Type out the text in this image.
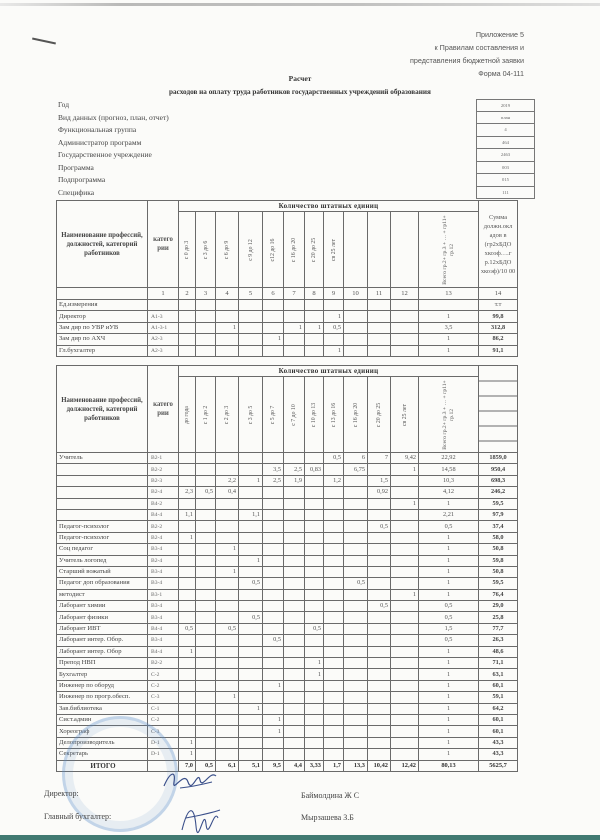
Приложение 5
к Правилам составления и
представления бюджетной заявки
Форма 04-111
Расчет
расходов на оплату труда работников государственных учреждений образования
Год	2019
Вид данных (прогноз, план, отчет)	план
Функциональная группа	4
Администратор программ	464
Государственное учреждение	2463
Программа	003
Подпрограмма	015
Специфика	111
Наименование профессий, должностей, категорий работников	катего рии	Количество штатных единиц												Сумма должн.окл адов в (гр2хБДО хкоэф….г р.12хБДО хкоэф)/10 00

		с 0 до 3	с 3 до 6	с 6 до 9	с 9 до 12	с12 до 16	с 16 до 20	с 20 до 25	св 25 лет				Всего гр.2+ гр.3 + … + гр11+ гр.12	

	1	2	3	4	5	6	7	8	9	10	11	12	13	14
Ед.измерения														т.т
Директор	А1-3								1				1	99,8
Зам дир по УВР иУВ	А1-3-1			1			1	1	0,5				3,5	312,8
Зам дир по АХЧ	А2-3					1							1	86,2
Гл.бухгалтер	А2-3								1				1	91,1
Наименование профессий, должностей, категорий работников	катего рии	Количество штатных единиц												

		до года	с 1 до 2	с 2 до 3	с 3 до 5	с 5 до 7	с 7 до 10	с 10 до 13	с 13 до 16	с 16 до 20	с 20 до 25	св 25 лет	Всего гр.2+ гр.3 + … + гр11+ гр.12	

Учитель	В2-1								0,5	6	7	9,42	22,92	1859,0
	В2-2					3,5	2,5	0,83		6,75		1	14,58	950,4
	В2-3			2,2	1	2,5	1,9		1,2		1,5		10,3	698,3
	В2-4	2,3	0,5	0,4							0,92		4,12	246,2
	В4-2											1	1	59,5
	В4-4	1,1			1,1								2,21	97,9
Педагог-психолог	В2-2										0,5		0,5	37,4
Педагог-психолог	В2-4	1											1	58,0
Соц педагог	В3-4			1									1	50,8
Учитель логопед	В2-4				1								1	59,8
Старший вожатый	В3-4			1									1	50,8
Педагог доп образования	В3-4				0,5					0,5			1	59,5
методист	В3-1											1	1	76,4
Лаборант химии	В3-4										0,5		0,5	29,0
Лаборант физики	В3-4				0,5								0,5	25,8
Лаборант ИВТ	В4-4	0,5		0,5				0,5					1,5	77,7
Лаборант интер. Обор.	В3-4					0,5							0,5	26,3
Лаборант интер. Обор	В4-4	1											1	48,6
Препод НВП	В2-2							1					1	71,1
Бухгалтер	С-2							1					1	63,1
Инженер по оборуд	С-2					1							1	60,1
Инженер по прогр.обесп.	С-3			1									1	59,1
Зав.библиотека	С-1				1								1	64,2
Сист.админ	С-2					1							1	60,1
Хореограф	С-3					1							1	60,1
Делопроизводитель	D-1	1											1	43,3
Секретарь	D-1	1											1	43,3
ИТОГО		7,0	0,5	6,1	5,1	9,5	4,4	3,33	1,7	13,3	10,42	12,42	80,13	5625,7
Директор:	Баймолдина Ж С
Главный бухгалтер:	Мырзашева З.Б
